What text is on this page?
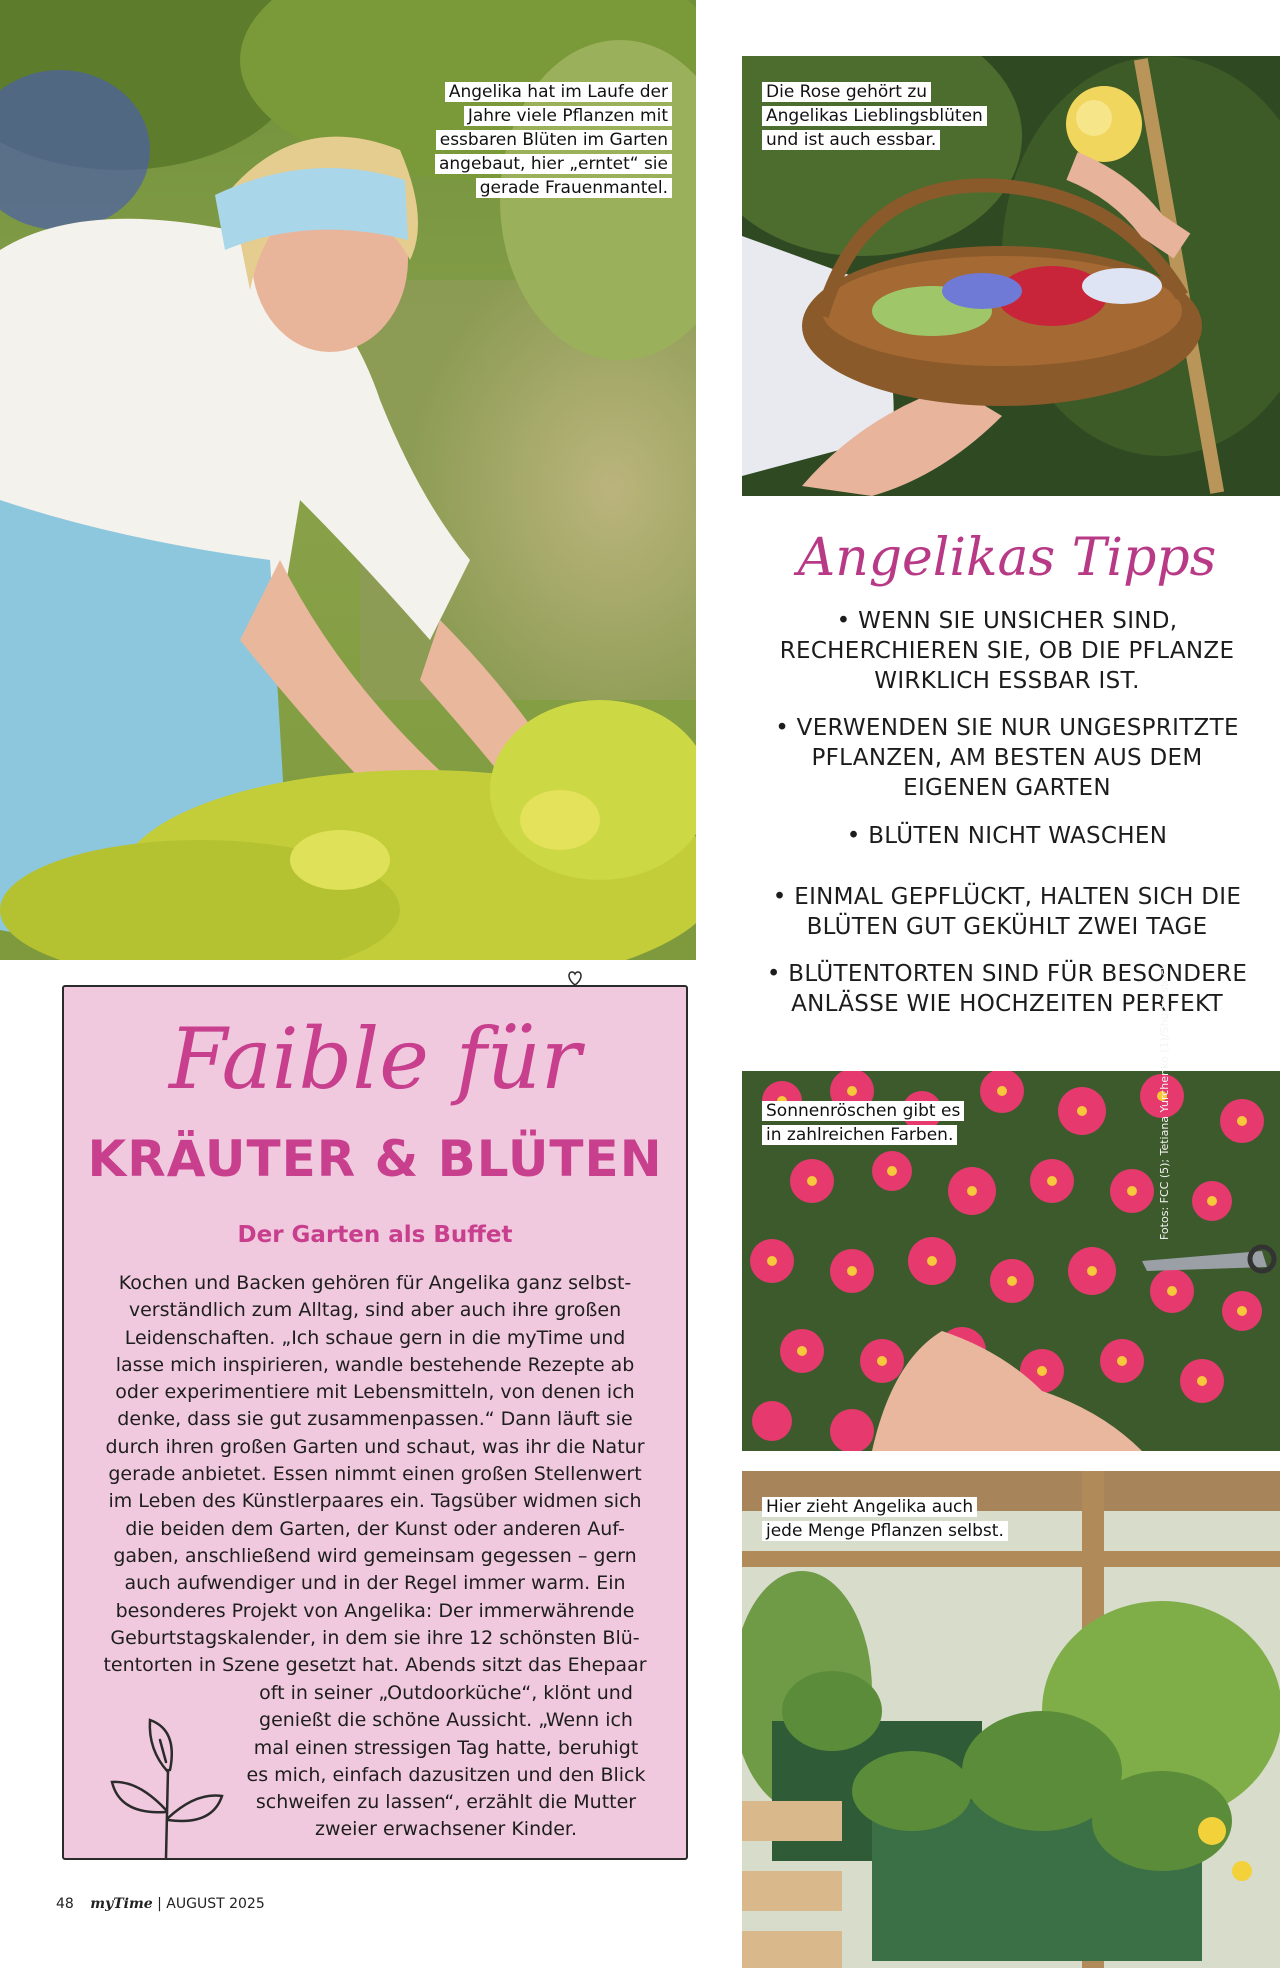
Angelika hat im Laufe der
Jahre viele Pflanzen mit
essbaren Blüten im Garten
angebaut, hier „erntet“ sie
gerade Frauenmantel.
Die Rose gehört zu
Angelikas Lieblingsblüten
und ist auch essbar.
Angelikas Tipps
• WENN SIE UNSICHER SIND,
RECHERCHIEREN SIE, OB DIE PFLANZE
WIRKLICH ESSBAR IST.
• VERWENDEN SIE NUR UNGESPRITZTE
PFLANZEN, AM BESTEN AUS DEM
EIGENEN GARTEN
• BLÜTEN NICHT WASCHEN
• EINMAL GEPFLÜCKT, HALTEN SICH DIE
BLÜTEN GUT GEKÜHLT ZWEI TAGE
• BLÜTENTORTEN SIND FÜR BESONDERE
ANLÄSSE WIE HOCHZEITEN PERFEKT
Sonnenröschen gibt es
in zahlreichen Farben.	Fotos: FCC (5); Tetiana Yurchenko (1)/Shutterstock
Hier zieht Angelika auch
jede Menge Pflanzen selbst.
Faible für
KRÄUTER & BLÜTEN
Der Garten als Buffet
Kochen und Backen gehören für Angelika ganz selbst-
verständlich zum Alltag, sind aber auch ihre großen
Leidenschaften. „Ich schaue gern in die myTime und
lasse mich inspirieren, wandle bestehende Rezepte ab
oder experimentiere mit Lebensmitteln, von denen ich
denke, dass sie gut zusammenpassen.“ Dann läuft sie
durch ihren großen Garten und schaut, was ihr die Natur
gerade anbietet. Essen nimmt einen großen Stellenwert
im Leben des Künstlerpaares ein. Tagsüber widmen sich
die beiden dem Garten, der Kunst oder anderen Auf-
gaben, anschließend wird gemeinsam gegessen – gern
auch aufwendiger und in der Regel immer warm. Ein
besonderes Projekt von Angelika: Der immerwährende
Geburtstagskalender, in dem sie ihre 12 schönsten Blü-
tentorten in Szene gesetzt hat. Abends sitzt das Ehepaar
oft in seiner „Outdoorküche“, klönt und
genießt die schöne Aussicht. „Wenn ich
mal einen stressigen Tag hatte, beruhigt
es mich, einfach dazusitzen und den Blick
schweifen zu lassen“, erzählt die Mutter
zweier erwachsener Kinder.
48 myTime | AUGUST 2025
